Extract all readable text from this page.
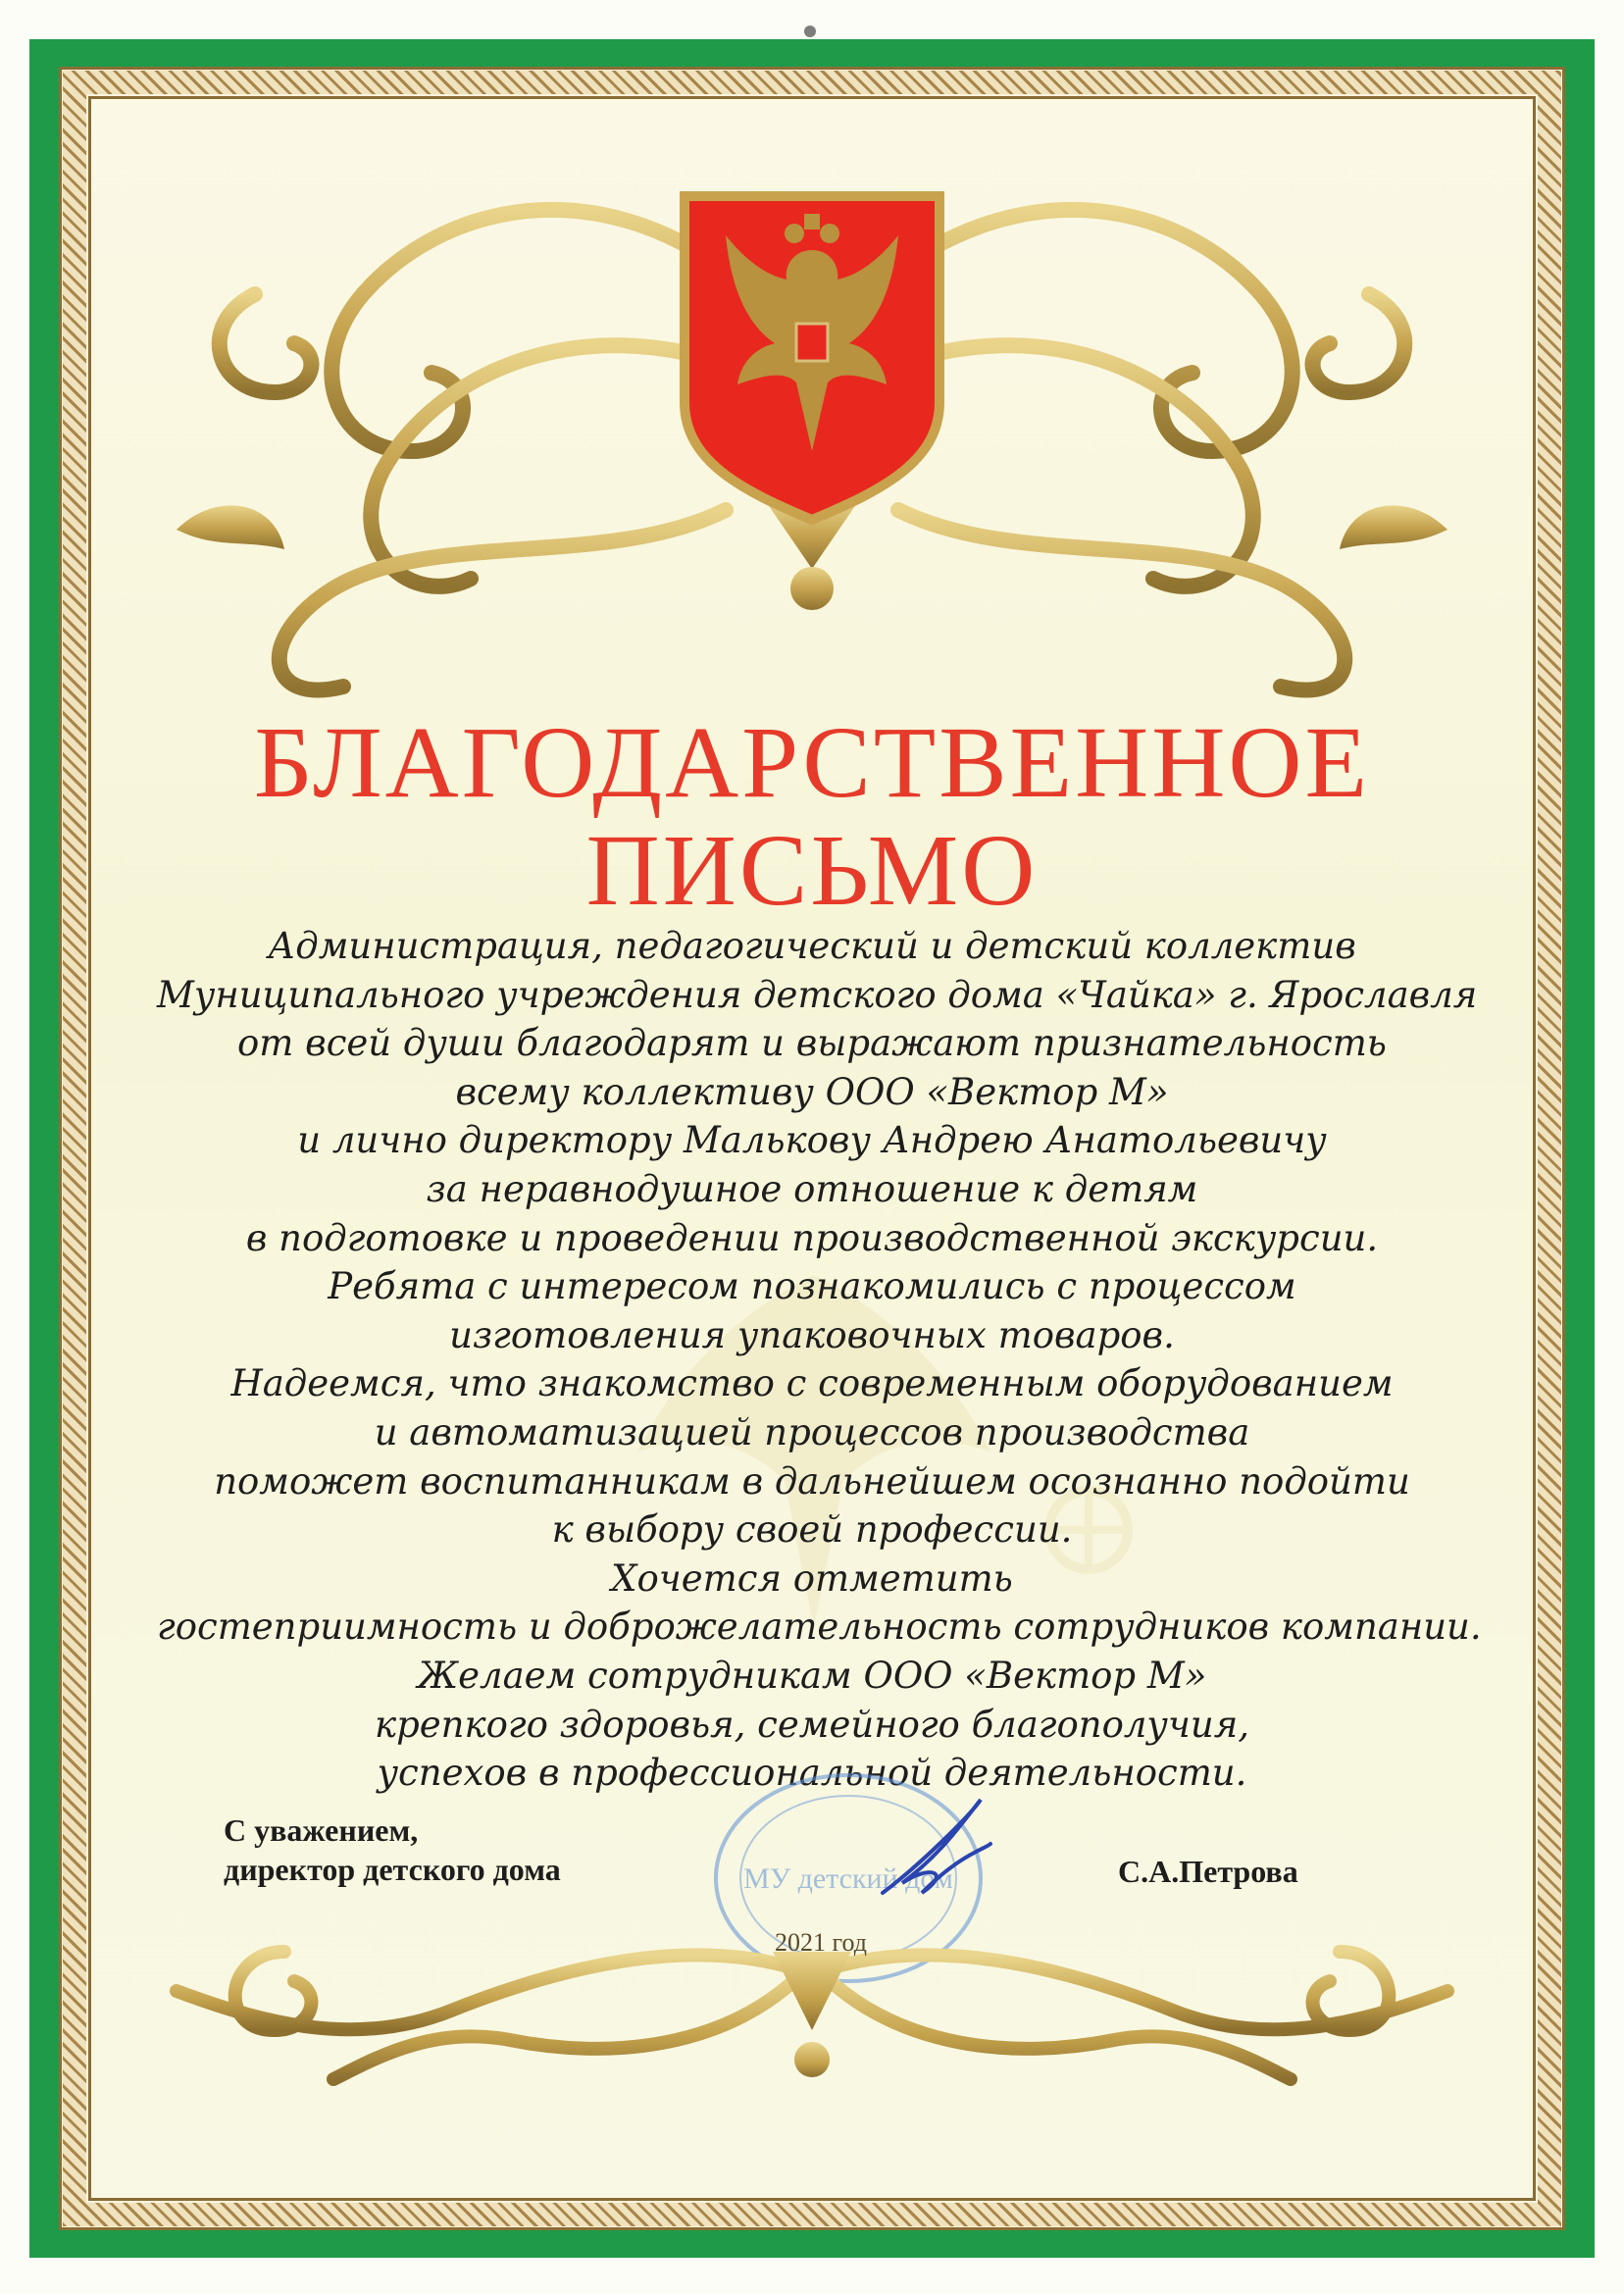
БЛАГОДАРСТВЕННОЕ
ПИСЬМО
Администрация, педагогический и детский коллектив
Муниципального учреждения детского дома «Чайка» г. Ярославля
от всей души благодарят и выражают признательность
всему коллективу ООО «Вектор М»
и лично директору Малькову Андрею Анатольевичу
за неравнодушное отношение к детям
в подготовке и проведении производственной экскурсии.
Ребята с интересом познакомились с процессом
изготовления упаковочных товаров.
Надеемся, что знакомство с современным оборудованием
и автоматизацией процессов производства
поможет воспитанникам в дальнейшем осознанно подойти
к выбору своей профессии.
Хочется отметить
гостеприимность и доброжелательность сотрудников компании.
Желаем сотрудникам ООО «Вектор М»
крепкого здоровья, семейного благополучия,
успехов в профессиональной деятельности.
МУ детский дом
С уважением,
директор детского дома	С.А.Петрова
2021 год
